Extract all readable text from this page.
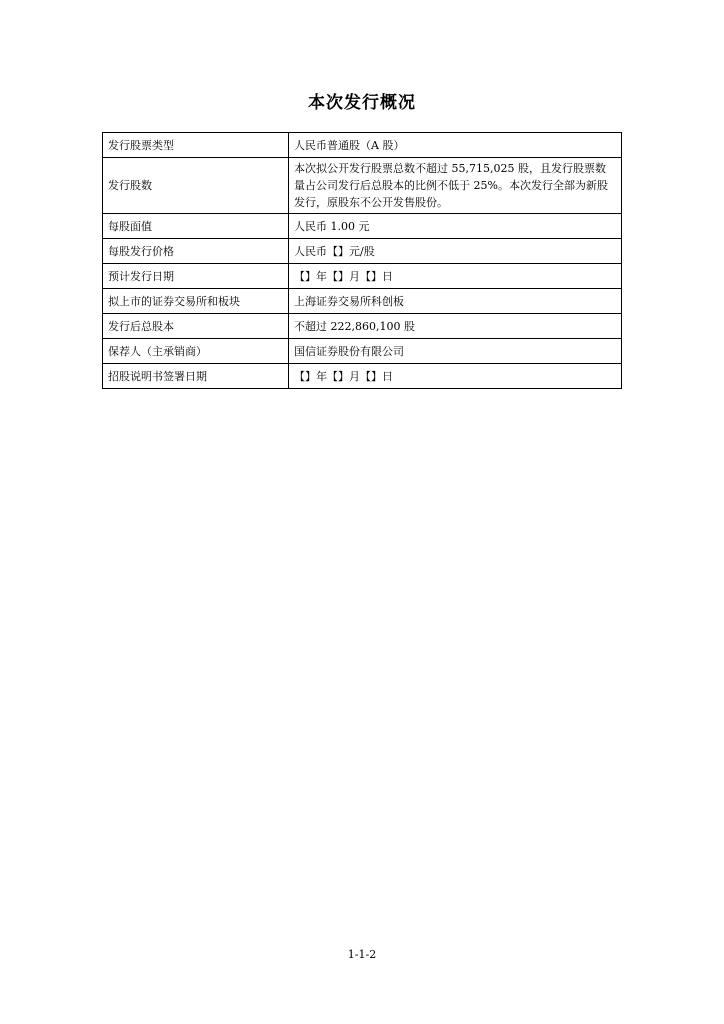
本次发行概况
发行股票类型	人民币普通股（A 股）
发行股数	本次拟公开发行股票总数不超过 55,715,025 股，且发行股票数量占公司发行后总股本的比例不低于 25%。本次发行全部为新股发行，原股东不公开发售股份。
每股面值	人民币 1.00 元
每股发行价格	人民币【】元/股
预计发行日期	【】年【】月【】日
拟上市的证券交易所和板块	上海证券交易所科创板
发行后总股本	不超过 222,860,100 股
保荐人（主承销商）	国信证券股份有限公司
招股说明书签署日期	【】年【】月【】日
1-1-2
